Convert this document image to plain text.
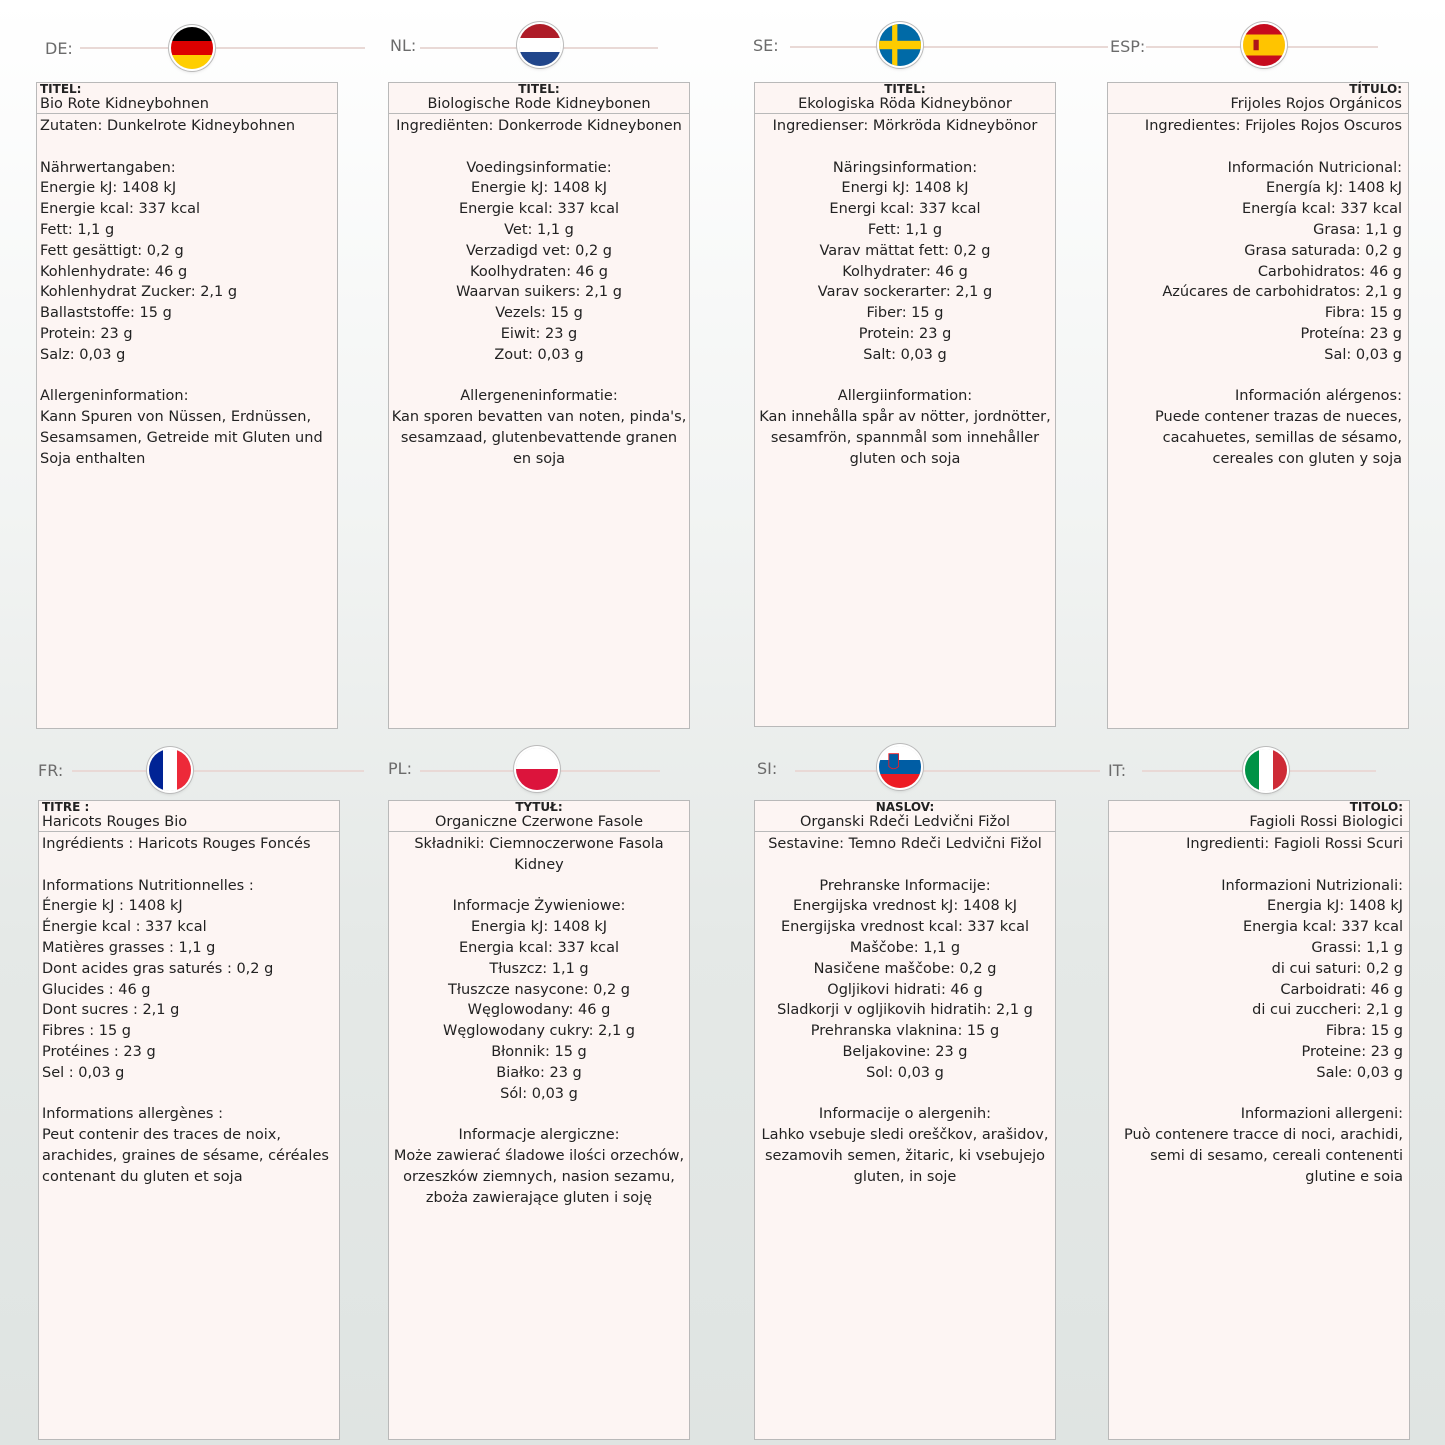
DE:

TITEL:

Bio Rote Kidneybohnen

Zutaten: Dunkelrote Kidneybohnen

Nährwertangaben:
Energie kJ: 1408 kJ
Energie kcal: 337 kcal
Fett: 1,1 g
Fett gesättigt: 0,2 g
Kohlenhydrate: 46 g
Kohlenhydrat Zucker: 2,1 g
Ballaststoffe: 15 g
Protein: 23 g
Salz: 0,03 g

Allergeninformation:
Kann Spuren von Nüssen, Erdnüssen, Sesamsamen, Getreide mit Gluten und Soja enthalten

NL:

TITEL:

Biologische Rode Kidneybonen

Ingrediënten: Donkerrode Kidneybonen

Voedingsinformatie:
Energie kJ: 1408 kJ
Energie kcal: 337 kcal
Vet: 1,1 g
Verzadigd vet: 0,2 g
Koolhydraten: 46 g
Waarvan suikers: 2,1 g
Vezels: 15 g
Eiwit: 23 g
Zout: 0,03 g

Allergeneninformatie:
Kan sporen bevatten van noten, pinda's, sesamzaad, glutenbevattende granen en soja

SE:

TITEL:

Ekologiska Röda Kidneybönor

Ingredienser: Mörkröda Kidneybönor

Näringsinformation:
Energi kJ: 1408 kJ
Energi kcal: 337 kcal
Fett: 1,1 g
Varav mättat fett: 0,2 g
Kolhydrater: 46 g
Varav sockerarter: 2,1 g
Fiber: 15 g
Protein: 23 g
Salt: 0,03 g

Allergiinformation:
Kan innehålla spår av nötter, jordnötter, sesamfrön, spannmål som innehåller gluten och soja

ESP:

TÍTULO:

Frijoles Rojos Orgánicos

Ingredientes: Frijoles Rojos Oscuros

Información Nutricional:
Energía kJ: 1408 kJ
Energía kcal: 337 kcal
Grasa: 1,1 g
Grasa saturada: 0,2 g
Carbohidratos: 46 g
Azúcares de carbohidratos: 2,1 g
Fibra: 15 g
Proteína: 23 g
Sal: 0,03 g

Información alérgenos:
Puede contener trazas de nueces, cacahuetes, semillas de sésamo, cereales con gluten y soja

FR:

TITRE :

Haricots Rouges Bio

Ingrédients : Haricots Rouges Foncés

Informations Nutritionnelles :
Énergie kJ : 1408 kJ
Énergie kcal : 337 kcal
Matières grasses : 1,1 g
Dont acides gras saturés : 0,2 g
Glucides : 46 g
Dont sucres : 2,1 g
Fibres : 15 g
Protéines : 23 g
Sel : 0,03 g

Informations allergènes :
Peut contenir des traces de noix, arachides, graines de sésame, céréales contenant du gluten et soja

PL:

TYTUŁ:

Organiczne Czerwone Fasole

Składniki: Ciemnoczerwone Fasola Kidney

Informacje Żywieniowe:
Energia kJ: 1408 kJ
Energia kcal: 337 kcal
Tłuszcz: 1,1 g
Tłuszcze nasycone: 0,2 g
Węglowodany: 46 g
Węglowodany cukry: 2,1 g
Błonnik: 15 g
Białko: 23 g
Sól: 0,03 g

Informacje alergiczne:
Może zawierać śladowe ilości orzechów, orzeszków ziemnych, nasion sezamu, zboża zawierające gluten i soję

SI:

NASLOV:

Organski Rdeči Ledvični Fižol

Sestavine: Temno Rdeči Ledvični Fižol

Prehranske Informacije:
Energijska vrednost kJ: 1408 kJ
Energijska vrednost kcal: 337 kcal
Maščobe: 1,1 g
Nasičene maščobe: 0,2 g
Ogljikovi hidrati: 46 g
Sladkorji v ogljikovih hidratih: 2,1 g
Prehranska vlaknina: 15 g
Beljakovine: 23 g
Sol: 0,03 g

Informacije o alergenih:
Lahko vsebuje sledi oreščkov, arašidov, sezamovih semen, žitaric, ki vsebujejo gluten, in soje

IT:

TITOLO:

Fagioli Rossi Biologici

Ingredienti: Fagioli Rossi Scuri

Informazioni Nutrizionali:
Energia kJ: 1408 kJ
Energia kcal: 337 kcal
Grassi: 1,1 g
di cui saturi: 0,2 g
Carboidrati: 46 g
di cui zuccheri: 2,1 g
Fibra: 15 g
Proteine: 23 g
Sale: 0,03 g

Informazioni allergeni:
Può contenere tracce di noci, arachidi, semi di sesamo, cereali contenenti glutine e soia
